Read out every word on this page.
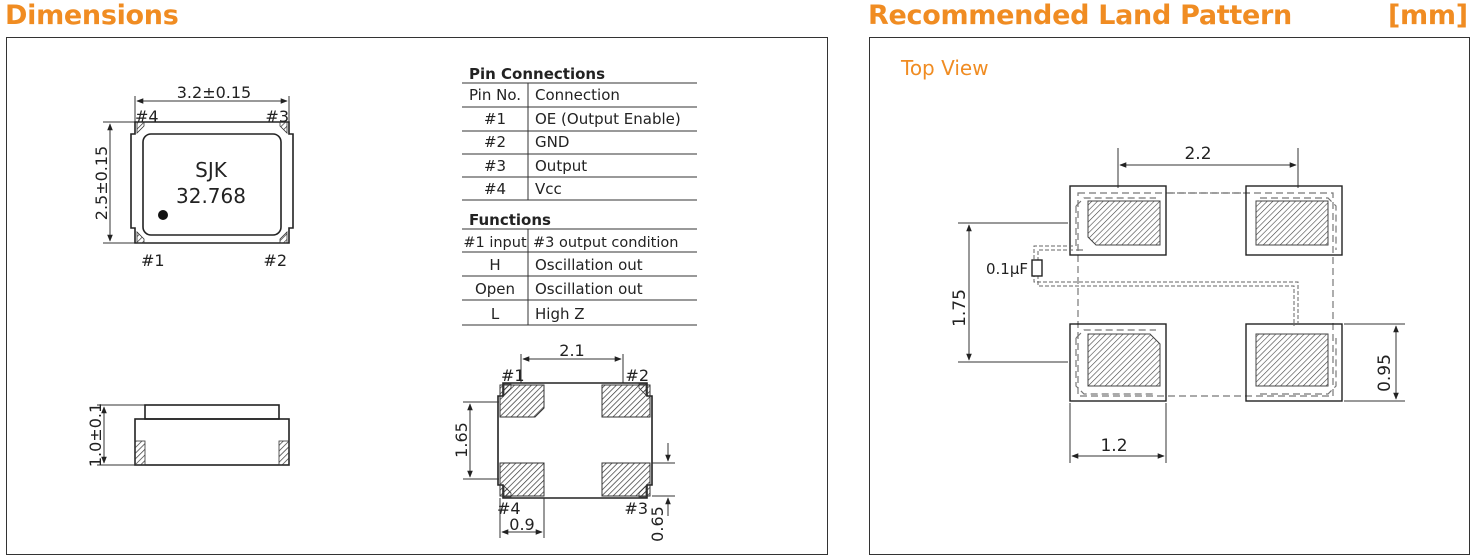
Dimensions	Recommended Land Pattern	[mm]
3.2±0.15
2.5±0.15	SJK
32.768
#4	#3
#1	#2
1.0±0.1
Pin Connections
Pin No. Connection
#1 OE (Output Enable)
#2 GND
#3 Output
#4 Vcc
Functions
#1 input #3 output condition
H Oscillation out
Open Oscillation out
L High Z
2.1
#1	#2
#4	#3
1.65
0.9	0.65
Top View
2.2
0.1μF
1.75
1.2
0.95
